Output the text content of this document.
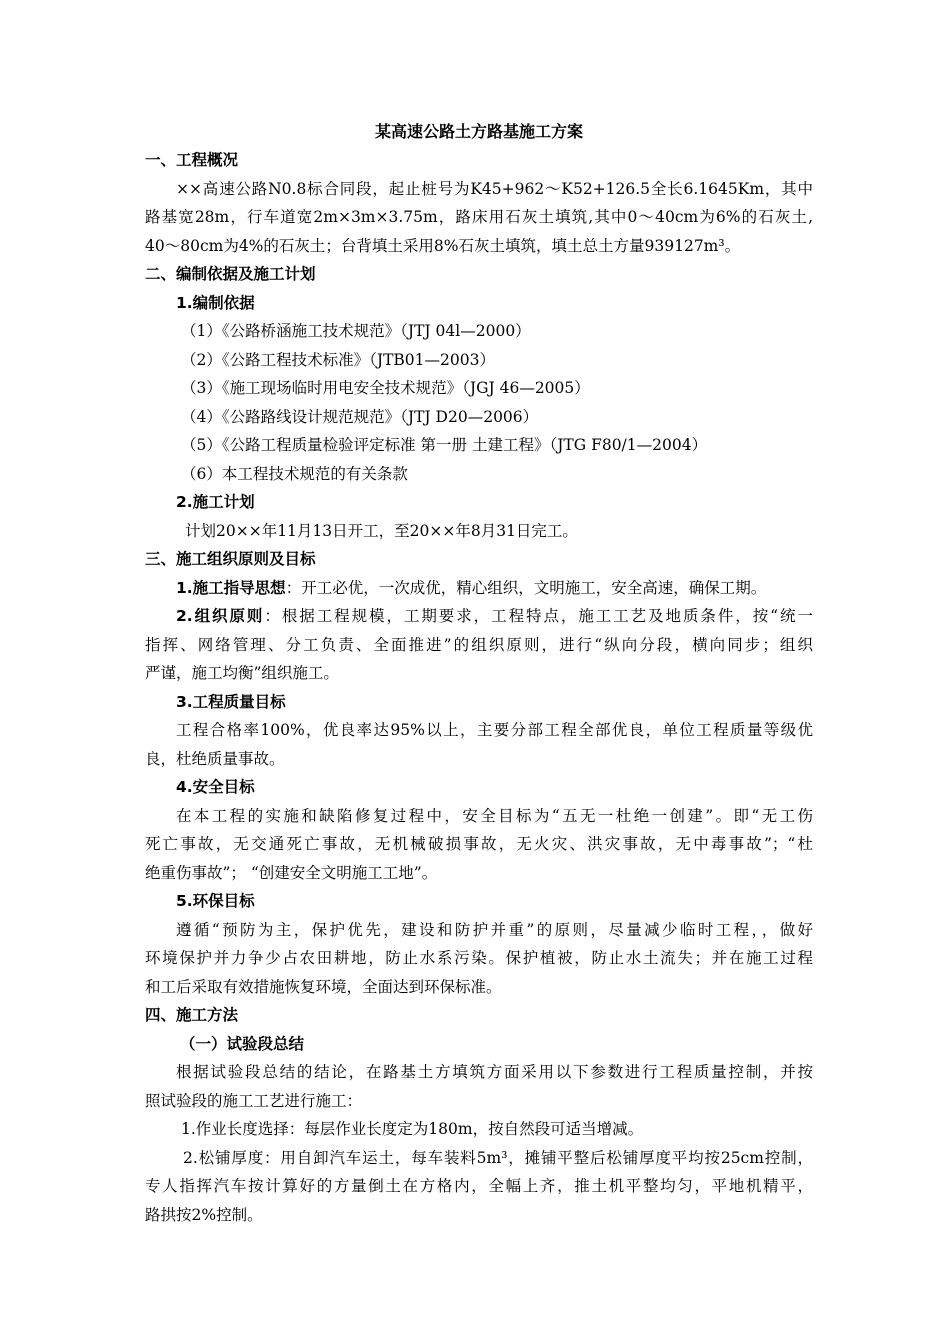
某高速公路土方路基施工方案
一、工程概况
××高速公路N0.8标合同段，起止桩号为K45+962～K52+126.5全长6.1645Km，其中
路基宽28m，行车道宽2m×3m×3.75m，路床用石灰土填筑,其中0～40cm为6%的石灰土,
40～80cm为4%的石灰土；台背填土采用8%石灰土填筑，填土总土方量939127m³。
二、编制依据及施工计划
1.编制依据
（1）《公路桥涵施工技术规范》（JTJ 04l—2000）
（2）《公路工程技术标准》（JTB01—2003）
（3）《施工现场临时用电安全技术规范》（JGJ 46—2005）
（4）《公路路线设计规范规范》（JTJ D20—2006）
（5）《公路工程质量检验评定标准 第一册 土建工程》（JTG F80/1—2004）
（6）本工程技术规范的有关条款
2.施工计划
计划20××年11月13日开工，至20××年8月31日完工。
三、施工组织原则及目标
1.施工指导思想：开工必优，一次成优，精心组织，文明施工，安全高速，确保工期。
2.组织原则：根据工程规模，工期要求，工程特点，施工工艺及地质条件，按“统一
指挥、网络管理、分工负责、全面推进”的组织原则，进行“纵向分段，横向同步；组织
严谨，施工均衡”组织施工。
3.工程质量目标
工程合格率100%，优良率达95%以上，主要分部工程全部优良，单位工程质量等级优
良，杜绝质量事故。
4.安全目标
在本工程的实施和缺陷修复过程中，安全目标为“五无一杜绝一创建”。即“无工伤
死亡事故，无交通死亡事故，无机械破损事故，无火灾、洪灾事故，无中毒事故”；“杜
绝重伤事故”； “创建安全文明施工工地”。
5.环保目标
遵循“预防为主，保护优先，建设和防护并重”的原则，尽量减少临时工程，，做好
环境保护并力争少占农田耕地，防止水系污染。保护植被，防止水土流失；并在施工过程
和工后采取有效措施恢复环境，全面达到环保标准。
四、施工方法
（一）试验段总结
根据试验段总结的结论，在路基土方填筑方面采用以下参数进行工程质量控制，并按
照试验段的施工工艺进行施工：
1.作业长度选择：每层作业长度定为180m，按自然段可适当增减。
2.松铺厚度：用自卸汽车运土，每车装料5m³，摊铺平整后松铺厚度平均按25cm控制，
专人指挥汽车按计算好的方量倒土在方格内，全幅上齐，推土机平整均匀，平地机精平，
路拱按2%控制。
